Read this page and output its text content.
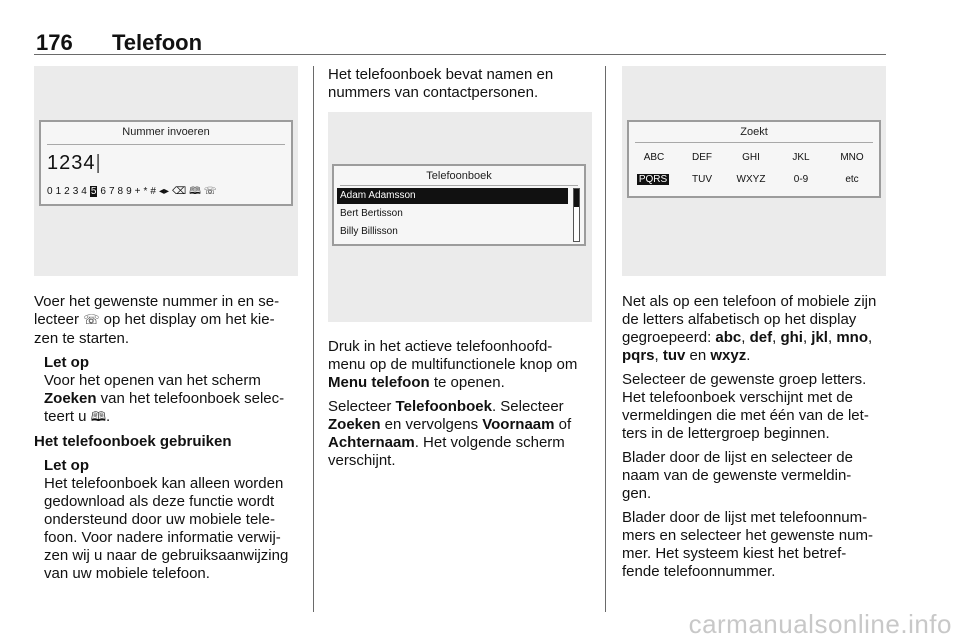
176 Telefoon
Nummer invoeren
1234|
0 1 2 3 4 5 6 7 8 9 + * # ◂▸ ⌫ 🕮 ☏

Voer het gewenste nummer in en se-
lecteer ☏ op het display om het kie-
zen te starten.

Let op
Voor het openen van het scherm
Zoeken van het telefoonboek selec-
teert u 🕮.

Het telefoonboek gebruiken

Let op
Het telefoonboek kan alleen worden
gedownload als deze functie wordt
ondersteund door uw mobiele tele-
foon. Voor nadere informatie verwij-
zen wij u naar de gebruiksaanwijzing
van uw mobiele telefoon.

Het telefoonboek bevat namen en
nummers van contactpersonen.
Telefoonboek
Adam Adamsson
Bert Bertisson
Billy Billisson

Druk in het actieve telefoonhoofd-
menu op de multifunctionele knop om
Menu telefoon te openen.

Selecteer Telefoonboek. Selecteer
Zoeken en vervolgens Voornaam of
Achternaam. Het volgende scherm
verschijnt.

Zoekt
ABC	DEF	GHI	JKL	MNO
PQRS	TUV	WXYZ	0-9	etc

Net als op een telefoon of mobiele zijn
de letters alfabetisch op het display
gegroepeerd: abc, def, ghi, jkl, mno,
pqrs, tuv en wxyz.

Selecteer de gewenste groep letters.
Het telefoonboek verschijnt met de
vermeldingen die met één van de let-
ters in de lettergroep beginnen.

Blader door de lijst en selecteer de
naam van de gewenste vermeldin-
gen.

Blader door de lijst met telefoonnum-
mers en selecteer het gewenste num-
mer. Het systeem kiest het betref-
fende telefoonnummer.

carmanualsonline.info
